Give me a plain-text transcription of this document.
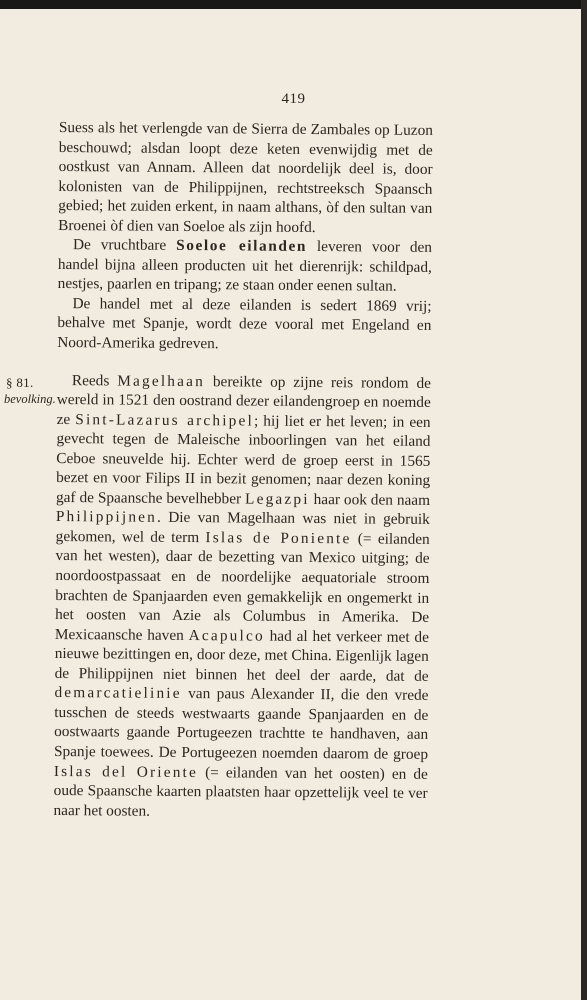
419
§ 81.
bevolking.

Suess als het verlengde van de Sierra de Zambales op Luzon beschouwd; alsdan loopt deze keten evenwijdig met de oostkust van Annam. Alleen dat noordelijk deel is, door kolonisten van de Philippijnen, rechtstreeksch Spaansch gebied; het zuiden erkent, in naam althans, òf den sultan van Broenei òf dien van Soeloe als zijn hoofd.

De vruchtbare Soeloe eilanden leveren voor den handel bijna alleen producten uit het dierenrijk: schildpad, nestjes, paarlen en tripang; ze staan onder eenen sultan.

De handel met al deze eilanden is sedert 1869 vrij; behalve met Spanje, wordt deze vooral met Engeland en Noord-Amerika gedreven.

Reeds Magelhaan bereikte op zijne reis rondom de wereld in 1521 den oostrand dezer eilandengroep en noemde ze Sint-Lazarus archipel; hij liet er het leven; in een gevecht tegen de Maleische inboorlingen van het eiland Ceboe sneuvelde hij. Echter werd de groep eerst in 1565 bezet en voor Filips II in bezit genomen; naar dezen koning gaf de Spaansche bevelhebber Legazpi haar ook den naam Philippijnen. Die van Magelhaan was niet in gebruik gekomen, wel de term Islas de Poniente (= eilanden van het westen), daar de bezetting van Mexico uitging; de noordoostpassaat en de noordelijke aequatoriale stroom brachten de Spanjaarden even gemakkelijk en ongemerkt in het oosten van Azie als Columbus in Amerika. De Mexicaansche haven Acapulco had al het verkeer met de nieuwe bezittingen en, door deze, met China. Eigenlijk lagen de Philippijnen niet binnen het deel der aarde, dat de demarcatielinie van paus Alexander II, die den vrede tusschen de steeds westwaarts gaande Spanjaarden en de oostwaarts gaande Portugeezen trachtte te handhaven, aan Spanje toewees. De Portugeezen noemden daarom de groep Islas del Oriente (= eilanden van het oosten) en de oude Spaansche kaarten plaatsten haar opzettelijk veel te ver naar het oosten.
